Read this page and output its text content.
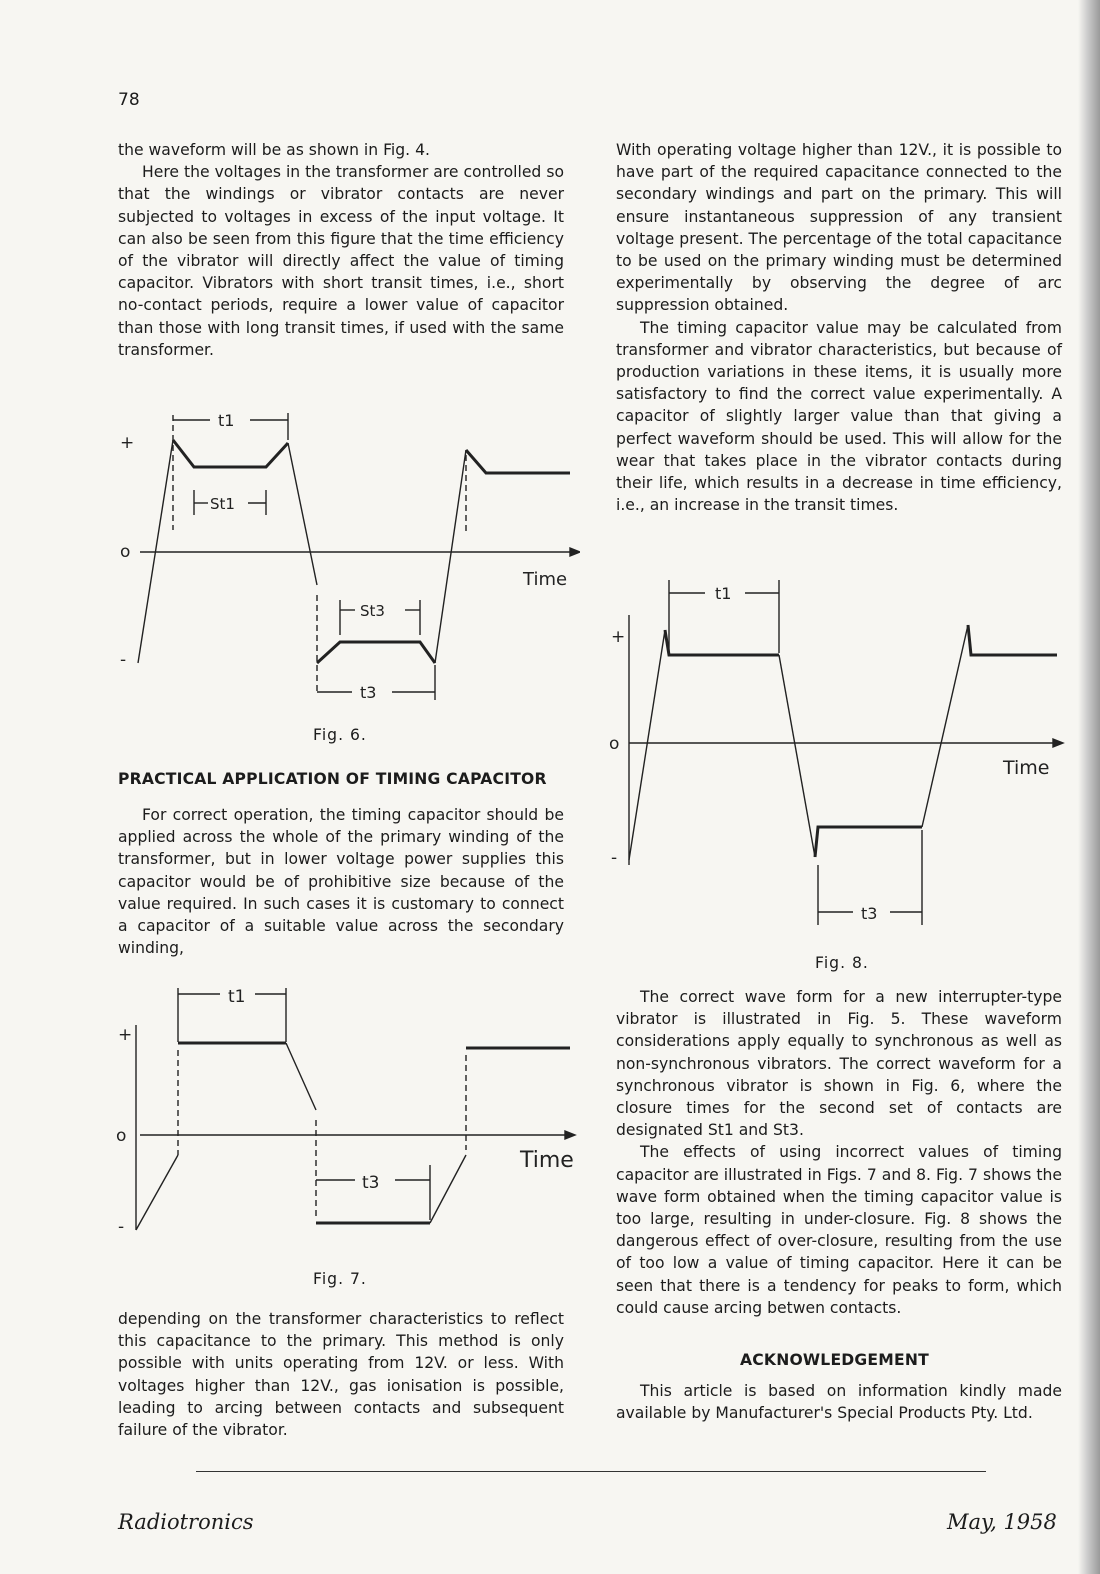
78

the waveform will be as shown in Fig. 4.

Here the voltages in the transformer are controlled so that the windings or vibrator contacts are never subjected to voltages in excess of the input voltage. It can also be seen from this figure that the time efficiency of the vibrator will directly affect the value of timing capacitor. Vibrators with short transit times, i.e., short no-contact periods, require a lower value of capacitor than those with long transit times, if used with the same transformer.

+
o
-
Time
t1
St1
St3
t3
Fig. 6.
PRACTICAL APPLICATION OF TIMING CAPACITOR

For correct operation, the timing capacitor should be applied across the whole of the primary winding of the transformer, but in lower voltage power supplies this capacitor would be of prohibitive size because of the value required. In such cases it is customary to connect a capacitor of a suitable value across the secondary winding,

+
o
-
Time
t1
t3
Fig. 7.

depending on the transformer characteristics to reflect this capacitance to the primary. This method is only possible with units operating from 12V. or less. With voltages higher than 12V., gas ionisation is possible, leading to arcing between contacts and subsequent failure of the vibrator.

With operating voltage higher than 12V., it is possible to have part of the required capacitance connected to the secondary windings and part on the primary. This will ensure instantaneous suppression of any transient voltage present. The percentage of the total capacitance to be used on the primary winding must be determined experimentally by observing the degree of arc suppression obtained.

The timing capacitor value may be calculated from transformer and vibrator characteristics, but because of production variations in these items, it is usually more satisfactory to find the correct value experimentally. A capacitor of slightly larger value than that giving a perfect waveform should be used. This will allow for the wear that takes place in the vibrator contacts during their life, which results in a decrease in time efficiency, i.e., an increase in the transit times.

+
o
-
Time
t1
t3
Fig. 8.

The correct wave form for a new interrupter-type vibrator is illustrated in Fig. 5. These waveform considerations apply equally to synchronous as well as non-synchronous vibrators. The correct waveform for a synchronous vibrator is shown in Fig. 6, where the closure times for the second set of contacts are designated St1 and St3.

The effects of using incorrect values of timing capacitor are illustrated in Figs. 7 and 8. Fig. 7 shows the wave form obtained when the timing capacitor value is too large, resulting in under-closure. Fig. 8 shows the dangerous effect of over-closure, resulting from the use of too low a value of timing capacitor. Here it can be seen that there is a tendency for peaks to form, which could cause arcing betwen contacts.

ACKNOWLEDGEMENT

This article is based on information kindly made available by Manufacturer's Special Products Pty. Ltd.

Radiotronics	May, 1958
